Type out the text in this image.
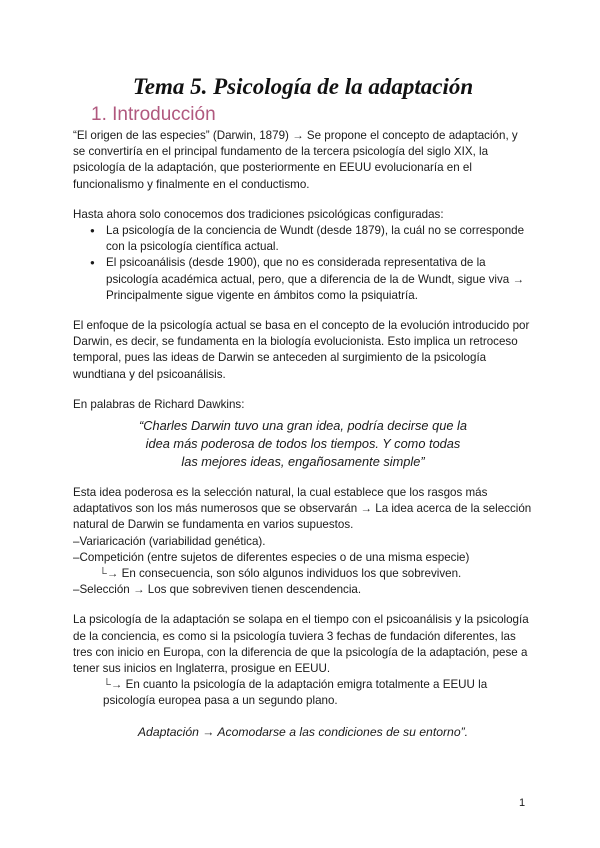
Tema 5. Psicología de la adaptación
1. Introducción

“El origen de las especies” (Darwin, 1879) → Se propone el concepto de adaptación, y se convertiría en el principal fundamento de la tercera psicología del siglo XIX, la psicología de la adaptación, que posteriormente en EEUU evolucionaría en el funcionalismo y finalmente en el conductismo.

Hasta ahora solo conocemos dos tradiciones psicológicas configuradas:

● La psicología de la conciencia de Wundt (desde 1879), la cuál no se corresponde con la psicología científica actual.
● El psicoanálisis (desde 1900), que no es considerada representativa de la psicología académica actual, pero, que a diferencia de la de Wundt, sigue viva → Principalmente sigue vigente en ámbitos como la psiquiatría.

El enfoque de la psicología actual se basa en el concepto de la evolución introducido por Darwin, es decir, se fundamenta en la biología evolucionista. Esto implica un retroceso temporal, pues las ideas de Darwin se anteceden al surgimiento de la psicología wundtiana y del psicoanálisis.

En palabras de Richard Dawkins:

“Charles Darwin tuvo una gran idea, podría decirse que la
idea más poderosa de todos los tiempos. Y como todas
las mejores ideas, engañosamente simple”

Esta idea poderosa es la selección natural, la cual establece que los rasgos más adaptativos son los más numerosos que se observarán → La idea acerca de la selección natural de Darwin se fundamenta en varios supuestos.

–Variaricación (variabilidad genética).
–Competición (entre sujetos de diferentes especies o de una misma especie)
└→ En consecuencia, son sólo algunos individuos los que sobreviven.
–Selección → Los que sobreviven tienen descendencia.

La psicología de la adaptación se solapa en el tiempo con el psicoanálisis y la psicología de la conciencia, es como si la psicología tuviera 3 fechas de fundación diferentes, las tres con inicio en Europa, con la diferencia de que la psicología de la adaptación, pese a tener sus inicios en Inglaterra, prosigue en EEUU.

└→ En cuanto la psicología de la adaptación emigra totalmente a EEUU la psicología europea pasa a un segundo plano.
Adaptación → Acomodarse a las condiciones de su entorno”.
1
